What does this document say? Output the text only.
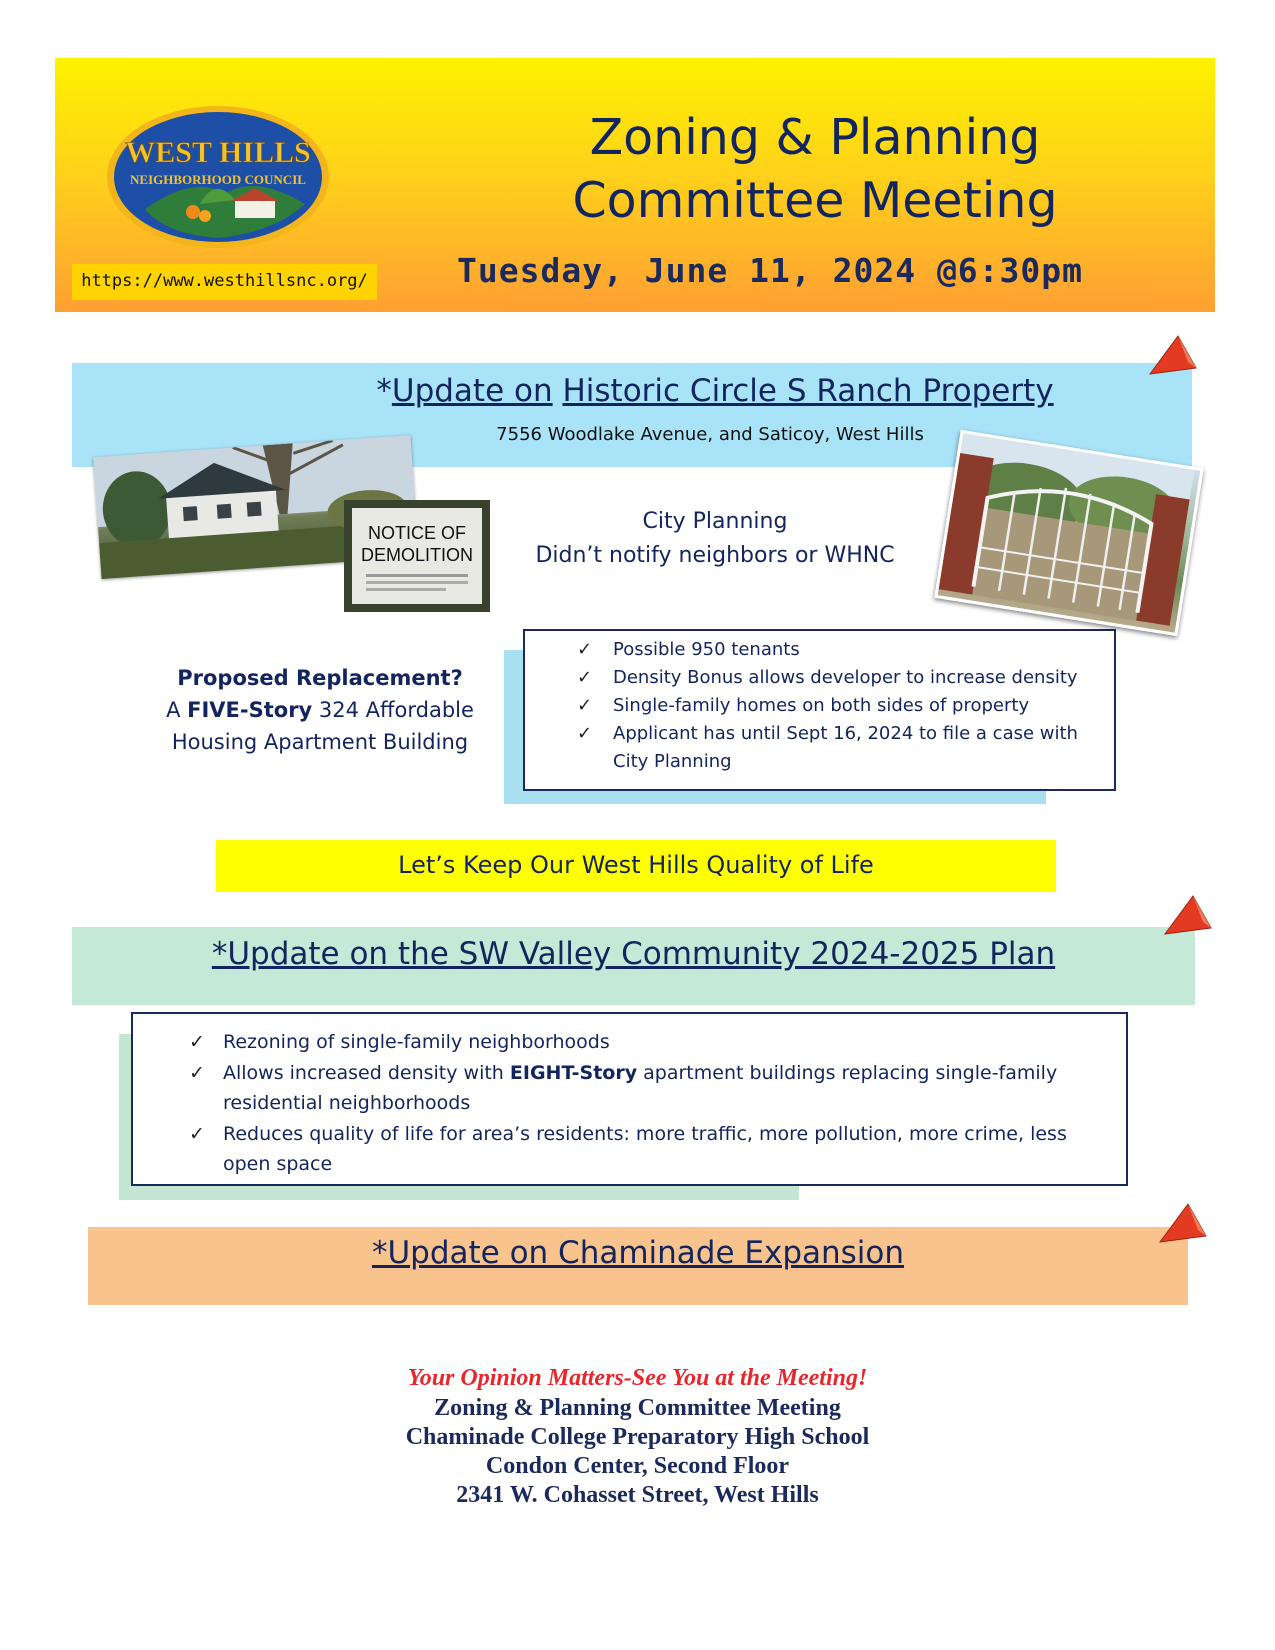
WEST HILLS
NEIGHBORHOOD COUNCIL
https://www.westhillsnc.org/
Zoning & Planning
Committee Meeting
Tuesday, June 11, 2024 @6:30pm
*Update on Historic Circle S Ranch Property
7556 Woodlake Avenue, and Saticoy, West Hills
NOTICE OF DEMOLITION
City Planning
Didn’t notify neighbors or WHNC
Proposed Replacement?
A FIVE-Story 324 Affordable
Housing Apartment Building
✓ Possible 950 tenants
✓ Density Bonus allows developer to increase density
✓ Single-family homes on both sides of property
✓ Applicant has until Sept 16, 2024 to file a case with City Planning
Let’s Keep Our West Hills Quality of Life
*Update on the SW Valley Community 2024-2025 Plan
✓ Rezoning of single-family neighborhoods
✓ Allows increased density with EIGHT-Story apartment buildings replacing single-family residential neighborhoods
✓ Reduces quality of life for area’s residents: more traffic, more pollution, more crime, less open space
*Update on Chaminade Expansion
Your Opinion Matters-See You at the Meeting!
Zoning & Planning Committee Meeting
Chaminade College Preparatory High School
Condon Center, Second Floor
2341 W. Cohasset Street, West Hills
